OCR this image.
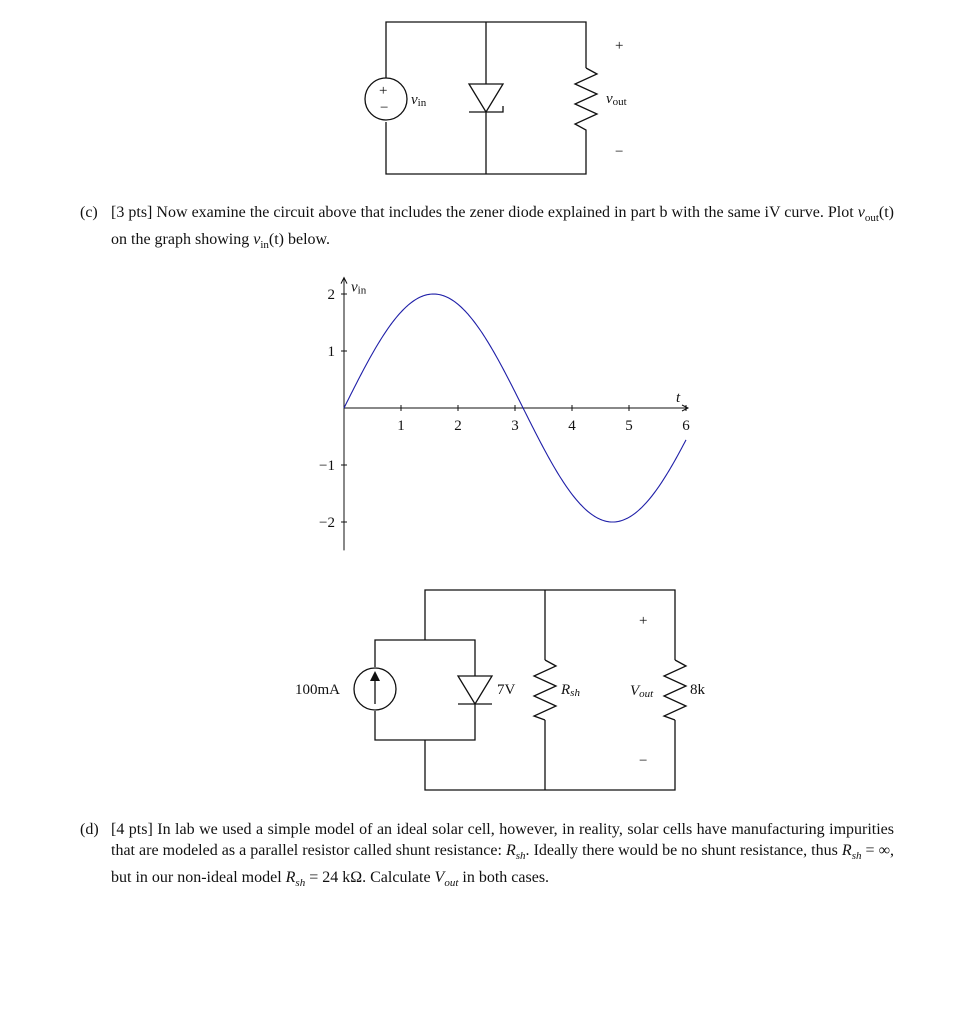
+
− vin
+
vout
−
(c) [3 pts] Now examine the circuit above that includes the zener diode explained in part b with the same iV curve. Plot $v_{out}(t)$ on the graph showing $v_{in}(t)$ below.
1	2	3	4	5	6
2
1
−1
−2
t
vin
100mA	7V	Rsh	8k
+
Vout
−
(d) [4 pts] In lab we used a simple model of an ideal solar cell, however, in reality, solar cells have manufacturing impurities that are modeled as a parallel resistor called shunt resistance: $R_{sh}$. Ideally there would be no shunt resistance, thus $R_{sh}$ = ∞, but in our non-ideal model $R_{sh} = 24$ kΩ. Calculate $V_{out}$ in both cases.
